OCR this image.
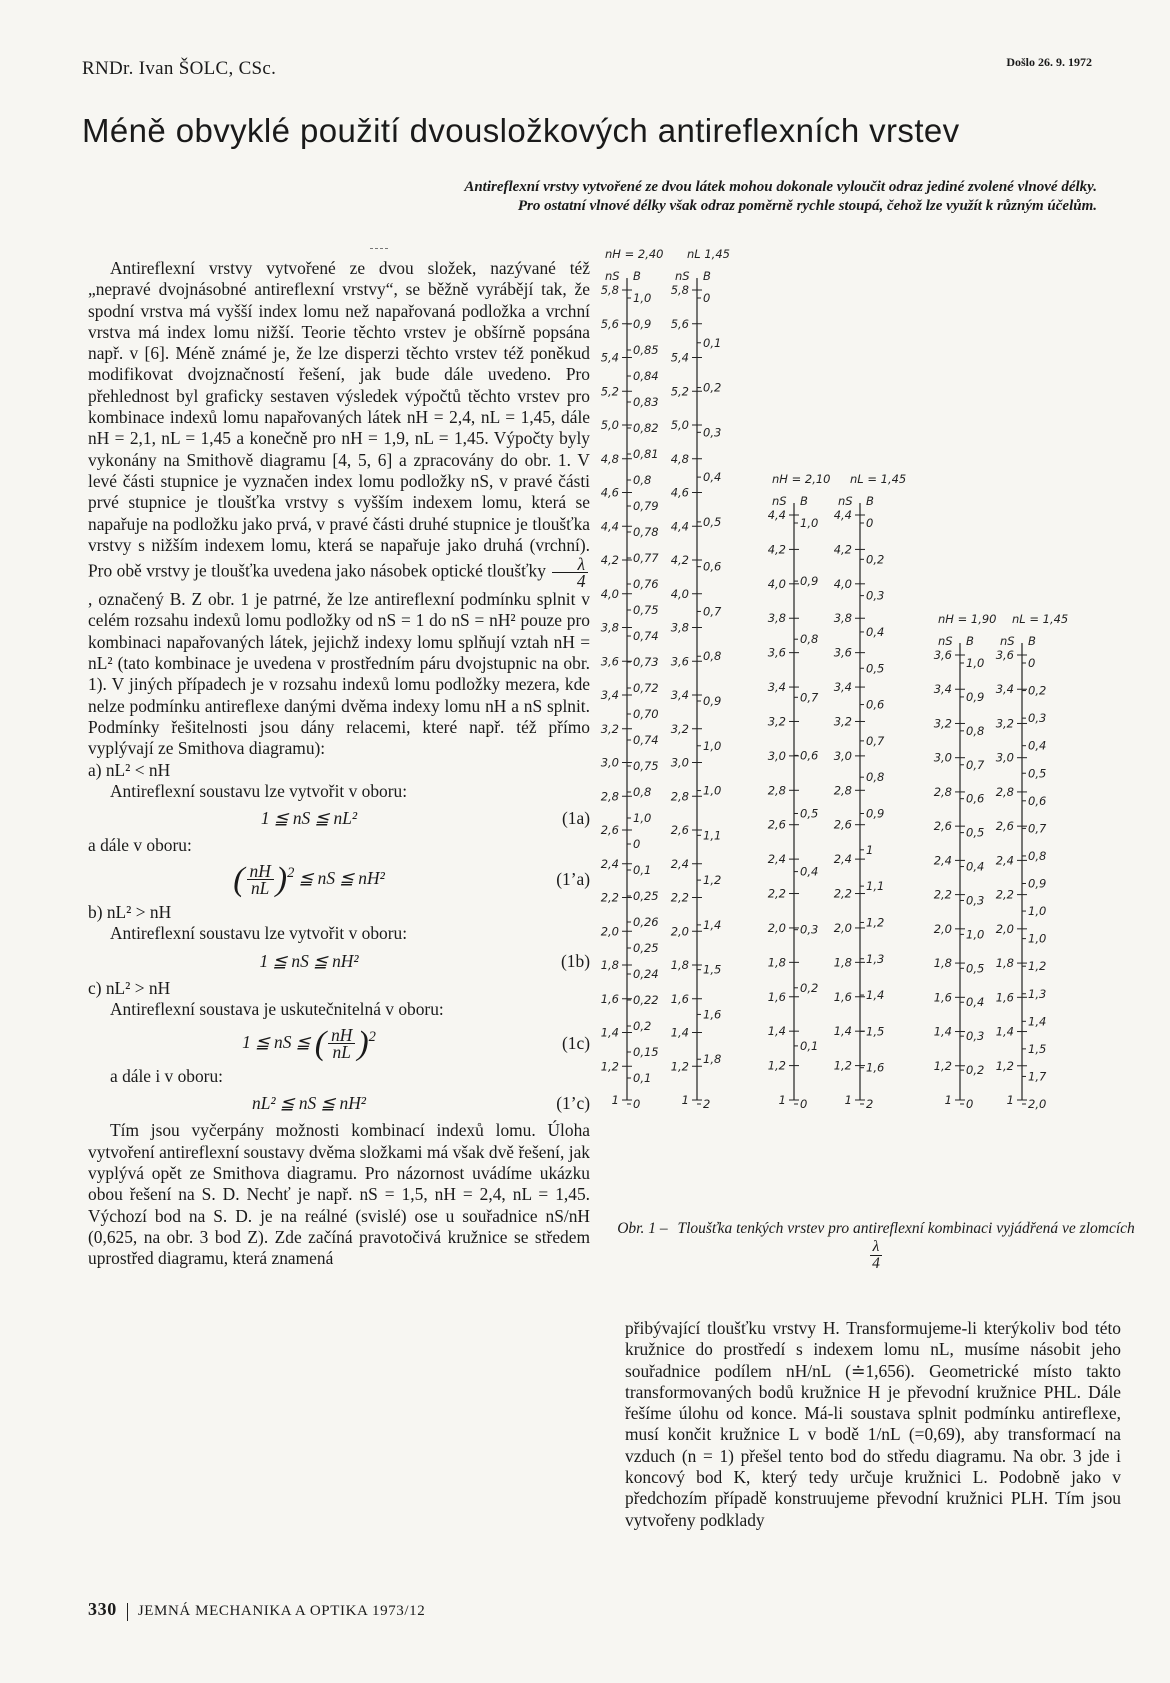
RNDr. Ivan ŠOLC, CSc.	Došlo 26. 9. 1972
Méně obvyklé použití dvousložkových antireflexních vrstev

Antireflexní vrstvy vytvořené ze dvou látek mohou dokonale vyloučit odraz jediné zvolené vlnové délky.

Pro ostatní vlnové délky však odraz poměrně rychle stoupá, čehož lze využít k různým účelům.

Antireflexní vrstvy vytvořené ze dvou složek, nazývané též „nepravé dvojnásobné antireflexní vrstvy“, se běžně vyrábějí tak, že spodní vrstva má vyšší index lomu než napařovaná podložka a vrchní vrstva má index lomu nižší. Teorie těchto vrstev je obšírně popsána např. v [6]. Méně známé je, že lze disperzi těchto vrstev též poněkud modifikovat dvojznačností řešení, jak bude dále uvedeno. Pro přehlednost byl graficky sestaven výsledek výpočtů těchto vrstev pro kombinace indexů lomu napařovaných látek nH = 2,4, nL = 1,45, dále nH = 2,1, nL = 1,45 a konečně pro nH = 1,9, nL = 1,45. Výpočty byly vykonány na Smithově diagramu [4, 5, 6] a zpracovány do obr. 1. V levé části stupnice je vyznačen index lomu podložky nS, v pravé části prvé stupnice je tloušťka vrstvy s vyšším indexem lomu, která se napařuje na podložku jako prvá, v pravé části druhé stupnice je tloušťka vrstvy s nižším indexem lomu, která se napařuje jako druhá (vrchní). Pro obě vrstvy je tloušťka uvedena jako násobek optické tloušťky $\frac{\lambda}{4}$
, označený B. Z obr. 1 je patrné, že lze antireflexní podmínku splnit v celém rozsahu indexů lomu podložky od nS = 1 do nS = nH² pouze pro kombinaci napařovaných látek, jejichž indexy lomu splňují vztah nH = nL² (tato kombinace je uvedena v prostředním páru dvojstupnic na obr. 1). V jiných případech je v rozsahu indexů lomu podložky mezera, kde nelze podmínku antireflexe danými dvěma indexy lomu nH a nS splnit. Podmínky řešitelnosti jsou dány relacemi, které např. též přímo vyplývají ze Smithova diagramu):

a) nL² < nH

Antireflexní soustavu lze vytvořit v oboru:

1 ≦ nS ≦ nL²	(1a)

a dále v oboru:

( $\frac{nH}{nL} )^2$ ≦ nS ≦ nH²	(1’a)

b) nL² > nH

Antireflexní soustavu lze vytvořit v oboru:

1 ≦ nS ≦ nH²	(1b)

c) nL² > nH

Antireflexní soustava je uskutečnitelná v oboru:

1 ≦ nS ≦ ( $\frac{nH}{nL} )^2$	(1c)

a dále i v oboru:

nL² ≦ nS ≦ nH²	(1’c)

Tím jsou vyčerpány možnosti kombinací indexů lomu. Úloha vytvoření antireflexní soustavy dvěma složkami má však dvě řešení, jak vyplývá opět ze Smithova diagramu. Pro názornost uvádíme ukázku obou řešení na S. D. Nechť je např. nS = 1,5, nH = 2,4, nL = 1,45. Výchozí bod na S. D. je na reálné (svislé) ose u souřadnice nS/nH (0,625, na obr. 3 bod Z). Zde začíná pravotočivá kružnice se středem uprostřed diagramu, která znamená

nH = 2,40 nL 1,45
nS B	nS B
5,8	5,8
5,6	5,6
5,4	5,4
5,2	5,2
5,0	5,0
4,8	4,8
4,6	4,6
4,4	4,4
4,2	4,2
4,0	4,0
3,8	3,8
3,6	3,6
3,4	3,4
3,2	3,2
3,0	3,0
2,8	2,8
2,6	2,6
2,4	2,4
2,2	2,2
2,0	2,0
1,8	1,8
1,6	1,6
1,4	1,4
1,2	1,2
1	1
1,0
0,9
0,85
0,84
0,83
0,82
0,81
0,8
0,79
0,78
0,77
0,76
0,75
0,74
0,73
0,72
0,70
0,74
0,75
0,8
1,0
0
0,1
0,25
0,26
0,25
0,24
0,22
0,2
0,15
0,1
0
0
0,1
0,2
0,3
0,4
0,5
0,6
0,7
0,8
0,9
1,0
1,0
1,1
1,2
1,4
1,5
1,6
1,8
2
nH = 2,10 nL = 1,45
nS B	nS B
4,4	4,4
4,2	4,2
4,0	4,0
3,8	3,8
3,6	3,6
3,4	3,4
3,2	3,2
3,0	3,0
2,8	2,8
2,6	2,6
2,4	2,4
2,2	2,2
2,0	2,0
1,8	1,8
1,6	1,6
1,4	1,4
1,2	1,2
1	1
1,0
0,9
0,8
0,7
0,6
0,5
0,4
0,3
0,2
0,1
0
0
0,2
0,3
0,4
0,5
0,6
0,7
0,8
0,9
1
1,1
1,2
1,3
1,4
1,5
1,6
2
nH = 1,90 nL = 1,45
nS B nS B
3,6	3,6
3,4	3,4
3,2	3,2
3,0	3,0
2,8	2,8
2,6	2,6
2,4	2,4
2,2	2,2
2,0	2,0
1,8	1,8
1,6	1,6
1,4	1,4
1,2	1,2
1	1
1,0
0,9
0,8
0,7
0,6
0,5
0,4
0,3
1,0
0,5
0,4
0,3
0,2
0
0
0,2
0,3
0,4
0,5
0,6
0,7
0,8
0,9
1,0
1,0
1,2
1,3
1,4
1,5
1,7
2,0
Obr. 1 – Tloušťka tenkých vrstev pro antireflexní kombinaci vyjádřená ve zlomcích
$\frac{\lambda}{4}$

přibývající tloušťku vrstvy H. Transformujeme-li kterýkoliv bod této kružnice do prostředí s indexem lomu nL, musíme násobit jeho souřadnice podílem nH/nL (≐1,656). Geometrické místo takto transformovaných bodů kružnice H je převodní kružnice PHL. Dále řešíme úlohu od konce. Má-li soustava splnit podmínku antireflexe, musí končit kružnice L v bodě 1/nL (=0,69), aby transformací na vzduch (n = 1) přešel tento bod do středu diagramu. Na obr. 3 jde i koncový bod K, který tedy určuje kružnici L. Podobně jako v předchozím případě konstruujeme převodní kružnici PLH. Tím jsou vytvořeny podklady

330 JEMNÁ MECHANIKA A OPTIKA 1973/12
